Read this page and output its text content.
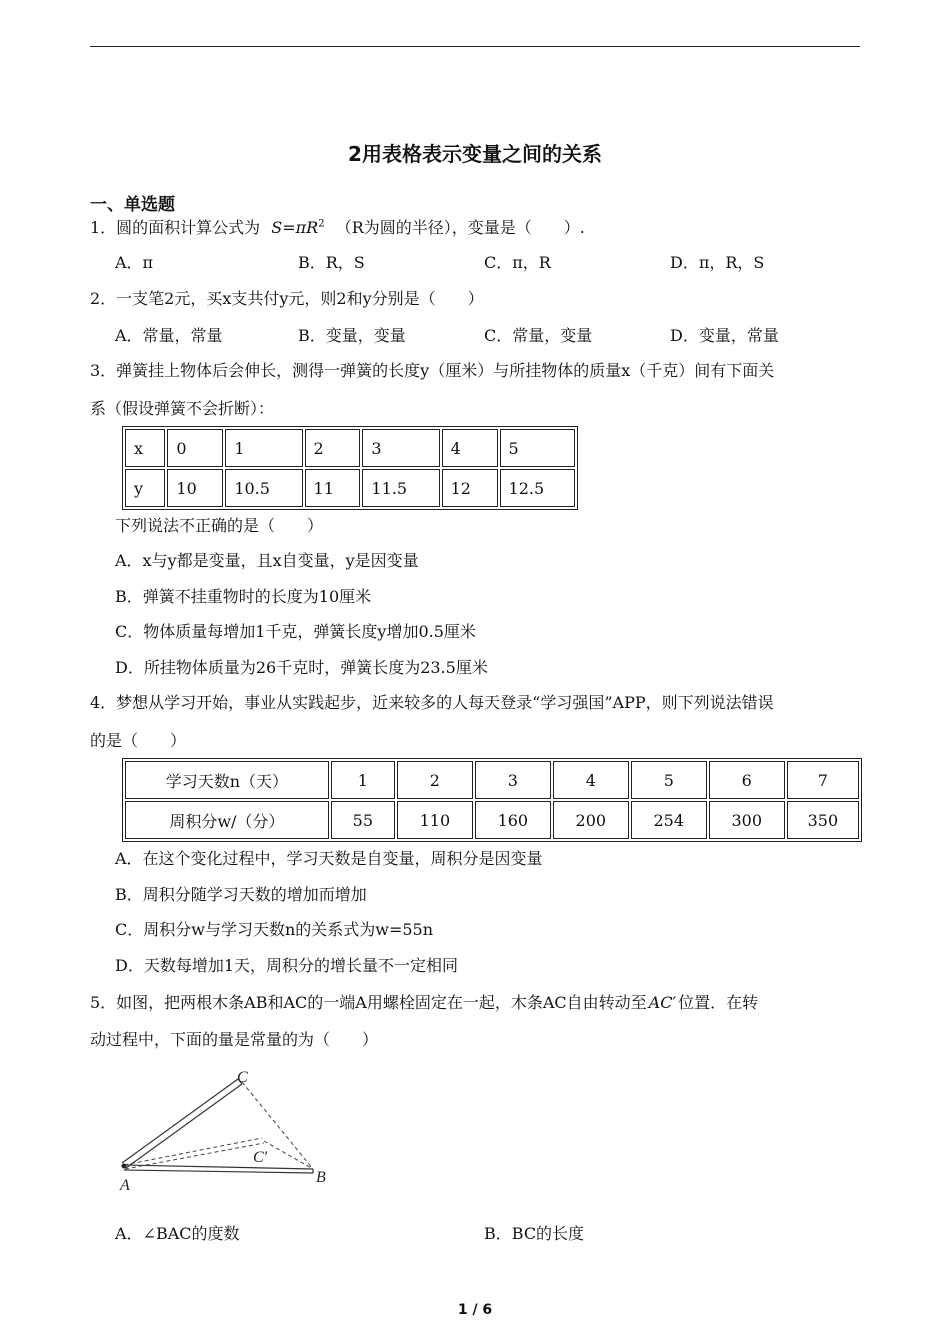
2用表格表示变量之间的关系
一、单选题
1．圆的面积计算公式为 $S=\pi R^2$ （R为圆的半径），变量是（　　）.
A．π	B．R，S	C．π，R	D．π，R，S
2．一支笔2元，买x支共付y元，则2和y分别是（　　）
A．常量，常量	B．变量，变量	C．常量，变量	D．变量，常量
3．弹簧挂上物体后会伸长，测得一弹簧的长度y（厘米）与所挂物体的质量x（千克）间有下面关
系（假设弹簧不会折断）：
x	0	1	2	3	4	5
y	10	10.5	11	11.5	12	12.5
下列说法不正确的是（　　）
A．x与y都是变量，且x自变量，y是因变量
B．弹簧不挂重物时的长度为10厘米
C．物体质量每增加1千克，弹簧长度y增加0.5厘米
D．所挂物体质量为26千克时，弹簧长度为23.5厘米
4．梦想从学习开始，事业从实践起步，近来较多的人每天登录“学习强国”APP，则下列说法错误
的是（　　）
学习天数n（天）	1	2	3	4	5	6	7
周积分w/（分）	55	110	160	200	254	300	350
A．在这个变化过程中，学习天数是自变量，周积分是因变量
B．周积分随学习天数的增加而增加
C．周积分w与学习天数n的关系式为w=55n
D．天数每增加1天，周积分的增长量不一定相同
5．如图，把两根木条AB和AC的一端A用螺栓固定在一起，木条AC自由转动至 AC′ 位置．在转
动过程中，下面的量是常量的为（　　）
C
C′
A	B
A．∠BAC的度数	B．BC的长度
1 / 6
